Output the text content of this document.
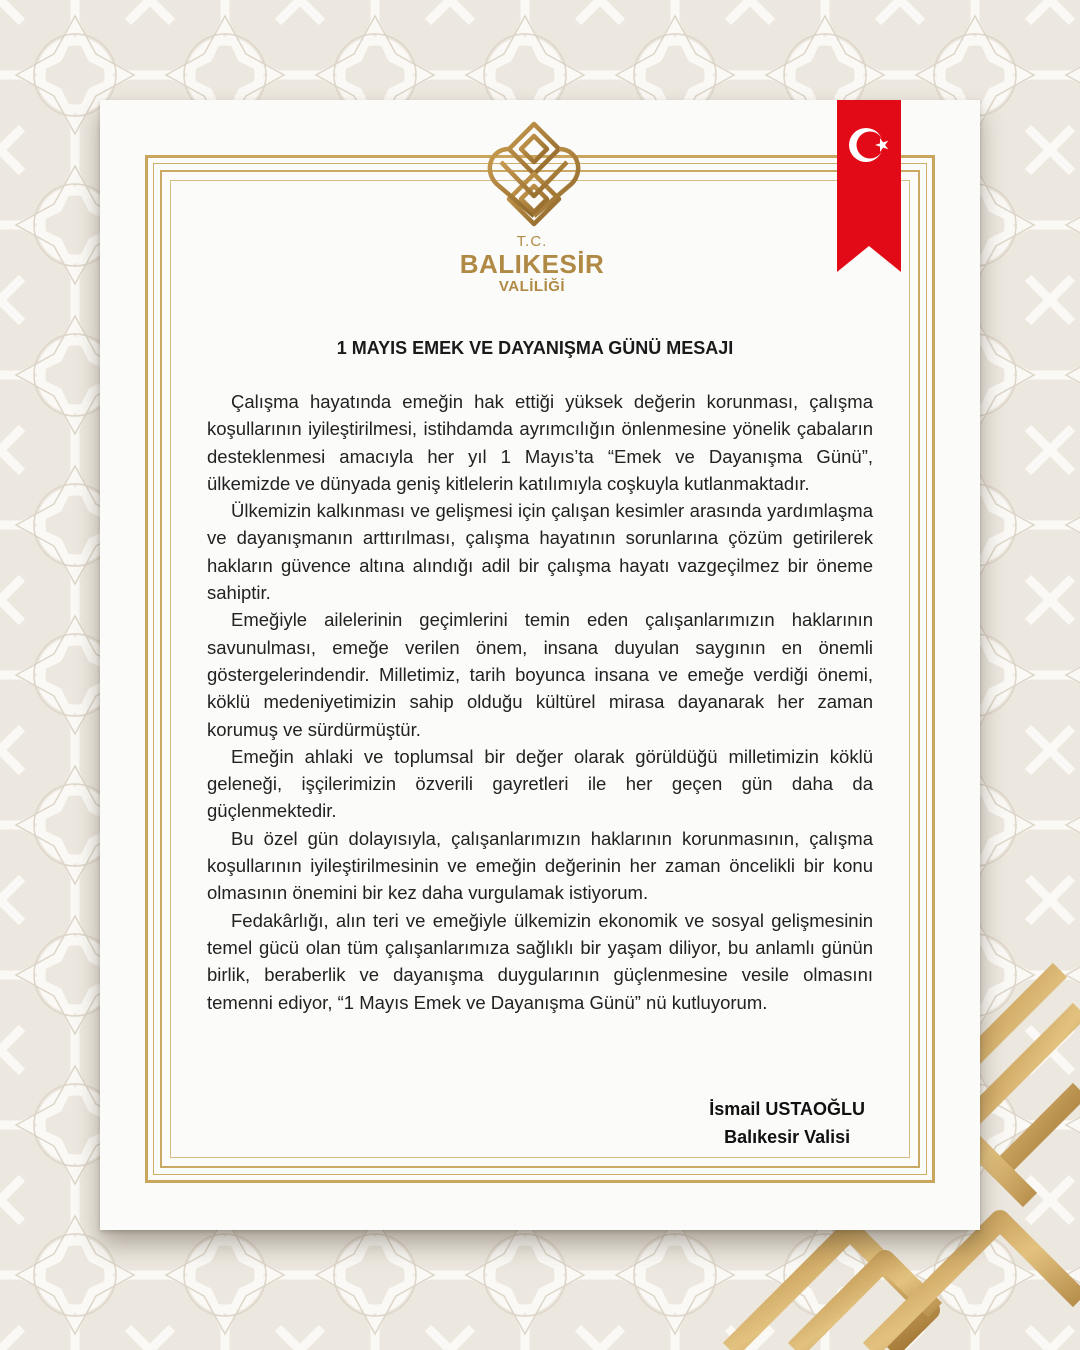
T.C.
BALIKESİR
VALİLİĞİ
1 MAYIS EMEK VE DAYANIŞMA GÜNÜ MESAJI

Çalışma hayatında emeğin hak ettiği yüksek değerin korunması, çalışma koşullarının iyileştirilmesi, istihdamda ayrımcılığın önlenmesine yönelik çabaların desteklenmesi amacıyla her yıl 1 Mayıs’ta “Emek ve Dayanışma Günü”, ülkemizde ve dünyada geniş kitlelerin katılımıyla coşkuyla kutlanmaktadır.

Ülkemizin kalkınması ve gelişmesi için çalışan kesimler arasında yardımlaşma ve dayanışmanın arttırılması, çalışma hayatının sorunlarına çözüm getirilerek hakların güvence altına alındığı adil bir çalışma hayatı vazgeçilmez bir öneme sahiptir.

Emeğiyle ailelerinin geçimlerini temin eden çalışanlarımızın haklarının savunulması, emeğe verilen önem, insana duyulan saygının en önemli göstergelerindendir. Milletimiz, tarih boyunca insana ve emeğe verdiği önemi, köklü medeniyetimizin sahip olduğu kültürel mirasa dayanarak her zaman korumuş ve sürdürmüştür.

Emeğin ahlaki ve toplumsal bir değer olarak görüldüğü milletimizin köklü geleneği, işçilerimizin özverili gayretleri ile her geçen gün daha da güçlenmektedir.

Bu özel gün dolayısıyla, çalışanlarımızın haklarının korunmasının, çalışma koşullarının iyileştirilmesinin ve emeğin değerinin her zaman öncelikli bir konu olmasının önemini bir kez daha vurgulamak istiyorum.

Fedakârlığı, alın teri ve emeğiyle ülkemizin ekonomik ve sosyal gelişmesinin temel gücü olan tüm çalışanlarımıza sağlıklı bir yaşam diliyor, bu anlamlı günün birlik, beraberlik ve dayanışma duygularının güçlenmesine vesile olmasını temenni ediyor, “1 Mayıs Emek ve Dayanışma Günü” nü kutluyorum.

İsmail USTAOĞLU
Balıkesir Valisi
